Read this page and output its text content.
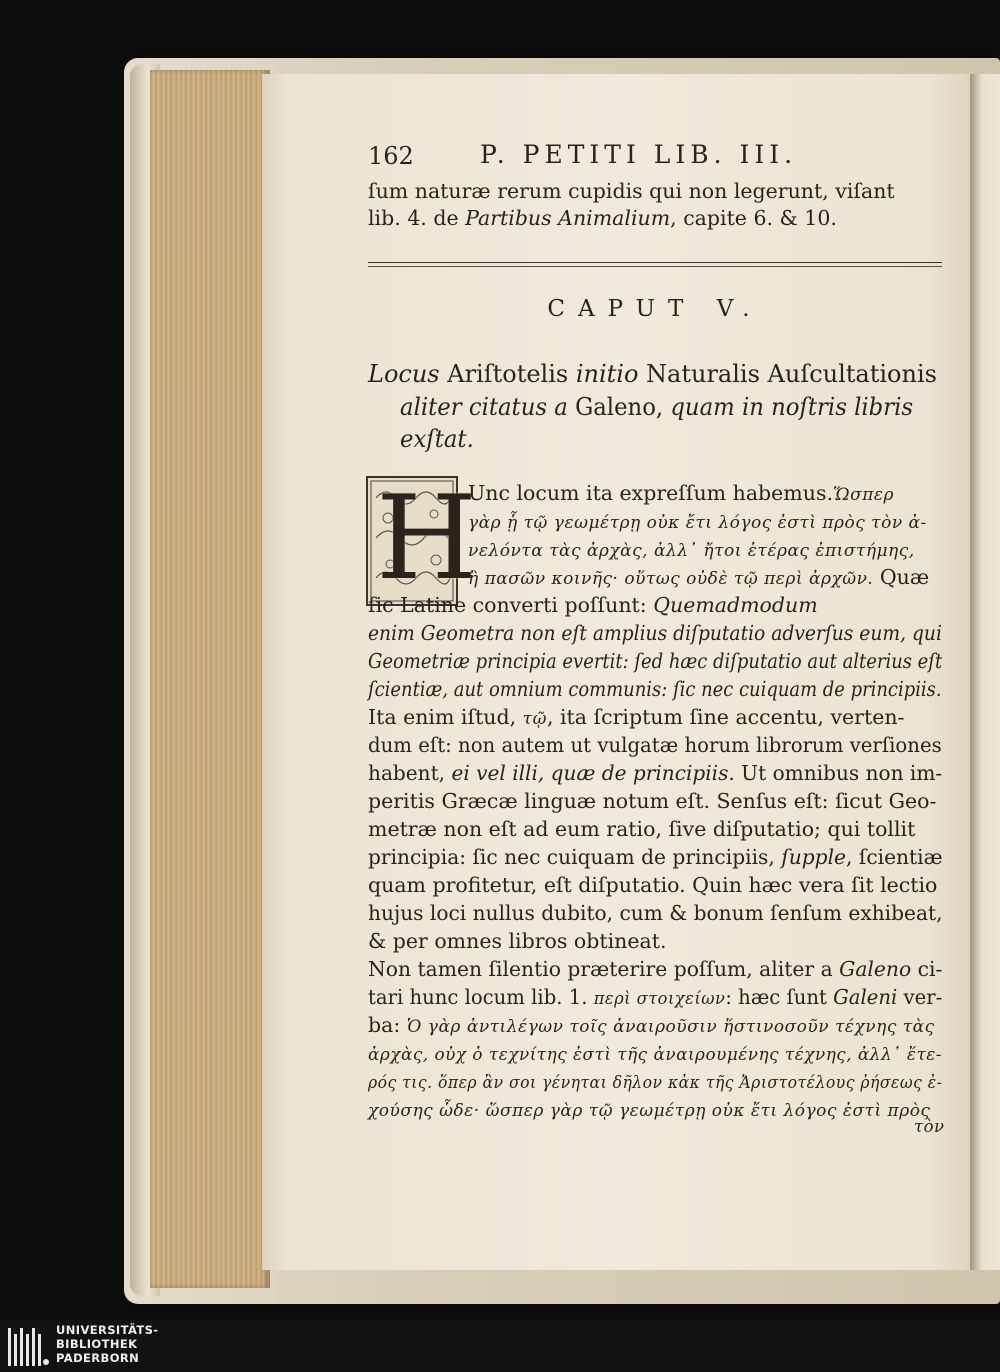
162	P. PETITI LIB. III.
ſum naturæ rerum cupidis qui non legerunt, viſant
lib. 4. de Partibus Animalium, capite 6. & 10.
CAPUT V.
Locus Ariſtotelis initio Naturalis Auſcultationis
aliter citatus a Galeno, quam in noſtris libris
exſtat.
H
Unc locum ita expreſſum habemus.Ὥσπερ
γὰρ ᾗ τῷ γεωμέτρῃ οὐκ ἔτι λόγος ἐστὶ πρὸς τὸν ἀ-
νελόντα τὰς ἀρχὰς, ἀλλ᾽ ἤτοι ἑτέρας ἐπιστήμης,
ἢ πασῶν κοινῆς· οὕτως οὐδὲ τῷ περὶ ἀρχῶν. Quæ
ſic Latine converti poſſunt: Quemadmodum
enim Geometra non eſt amplius diſputatio adverſus eum, qui
Geometriæ principia evertit: ſed hæc diſputatio aut alterius eſt
ſcientiæ, aut omnium communis: ſic nec cuiquam de principiis.
Ita enim iſtud, τῷ, ita ſcriptum ſine accentu, verten-
dum eſt: non autem ut vulgatæ horum librorum verſiones
habent, ei vel illi, quæ de principiis. Ut omnibus non im-
peritis Græcæ linguæ notum eſt. Senſus eſt: ſicut Geo-
metræ non eſt ad eum ratio, ſive diſputatio; qui tollit
principia: ſic nec cuiquam de principiis, ſupple, ſcientiæ
quam profitetur, eſt diſputatio. Quin hæc vera ſit lectio
hujus loci nullus dubito, cum & bonum ſenſum exhibeat,
& per omnes libros obtineat.
Non tamen ſilentio præterire poſſum, aliter a Galeno ci-
tari hunc locum lib. 1. περὶ στοιχείων: hæc ſunt Galeni ver-
ba: Ὁ γὰρ ἀντιλέγων τοῖς ἀναιροῦσιν ἥστινοσοῦν τέχνης τὰς
ἀρχὰς, οὐχ ὁ τεχνίτης ἐστὶ τῆς ἀναιρουμένης τέχνης, ἀλλ᾽ ἕτε-
ρός τις. ὅπερ ἂν σοι γένηται δῆλον κἀκ τῆς Ἀριστοτέλους ῥήσεως ἐ-
χούσης ὧδε· ὥσπερ γὰρ τῷ γεωμέτρῃ οὐκ ἔτι λόγος ἐστὶ πρὸς
τὸν
UNIVERSITÄTS-
BIBLIOTHEK
PADERBORN
